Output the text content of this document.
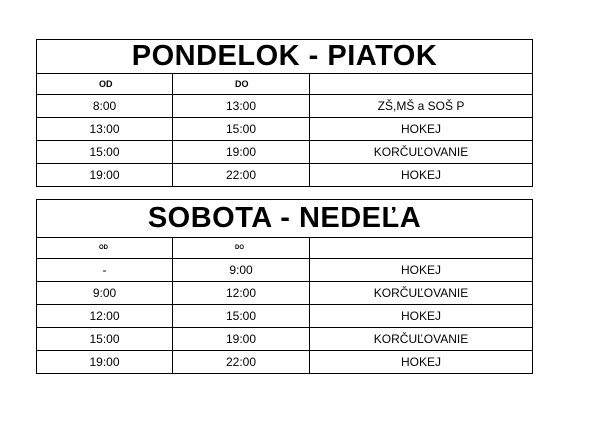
PONDELOK - PIATOK		
OD	DO	
8:00	13:00	ZŠ,MŠ a SOŠ P
13:00	15:00	HOKEJ
15:00	19:00	KORČUĽOVANIE
19:00	22:00	HOKEJ
SOBOTA - NEDEĽA		
OD	DO	
-	9:00	HOKEJ
9:00	12:00	KORČUĽOVANIE
12:00	15:00	HOKEJ
15:00	19:00	KORČUĽOVANIE
19:00	22:00	HOKEJ
